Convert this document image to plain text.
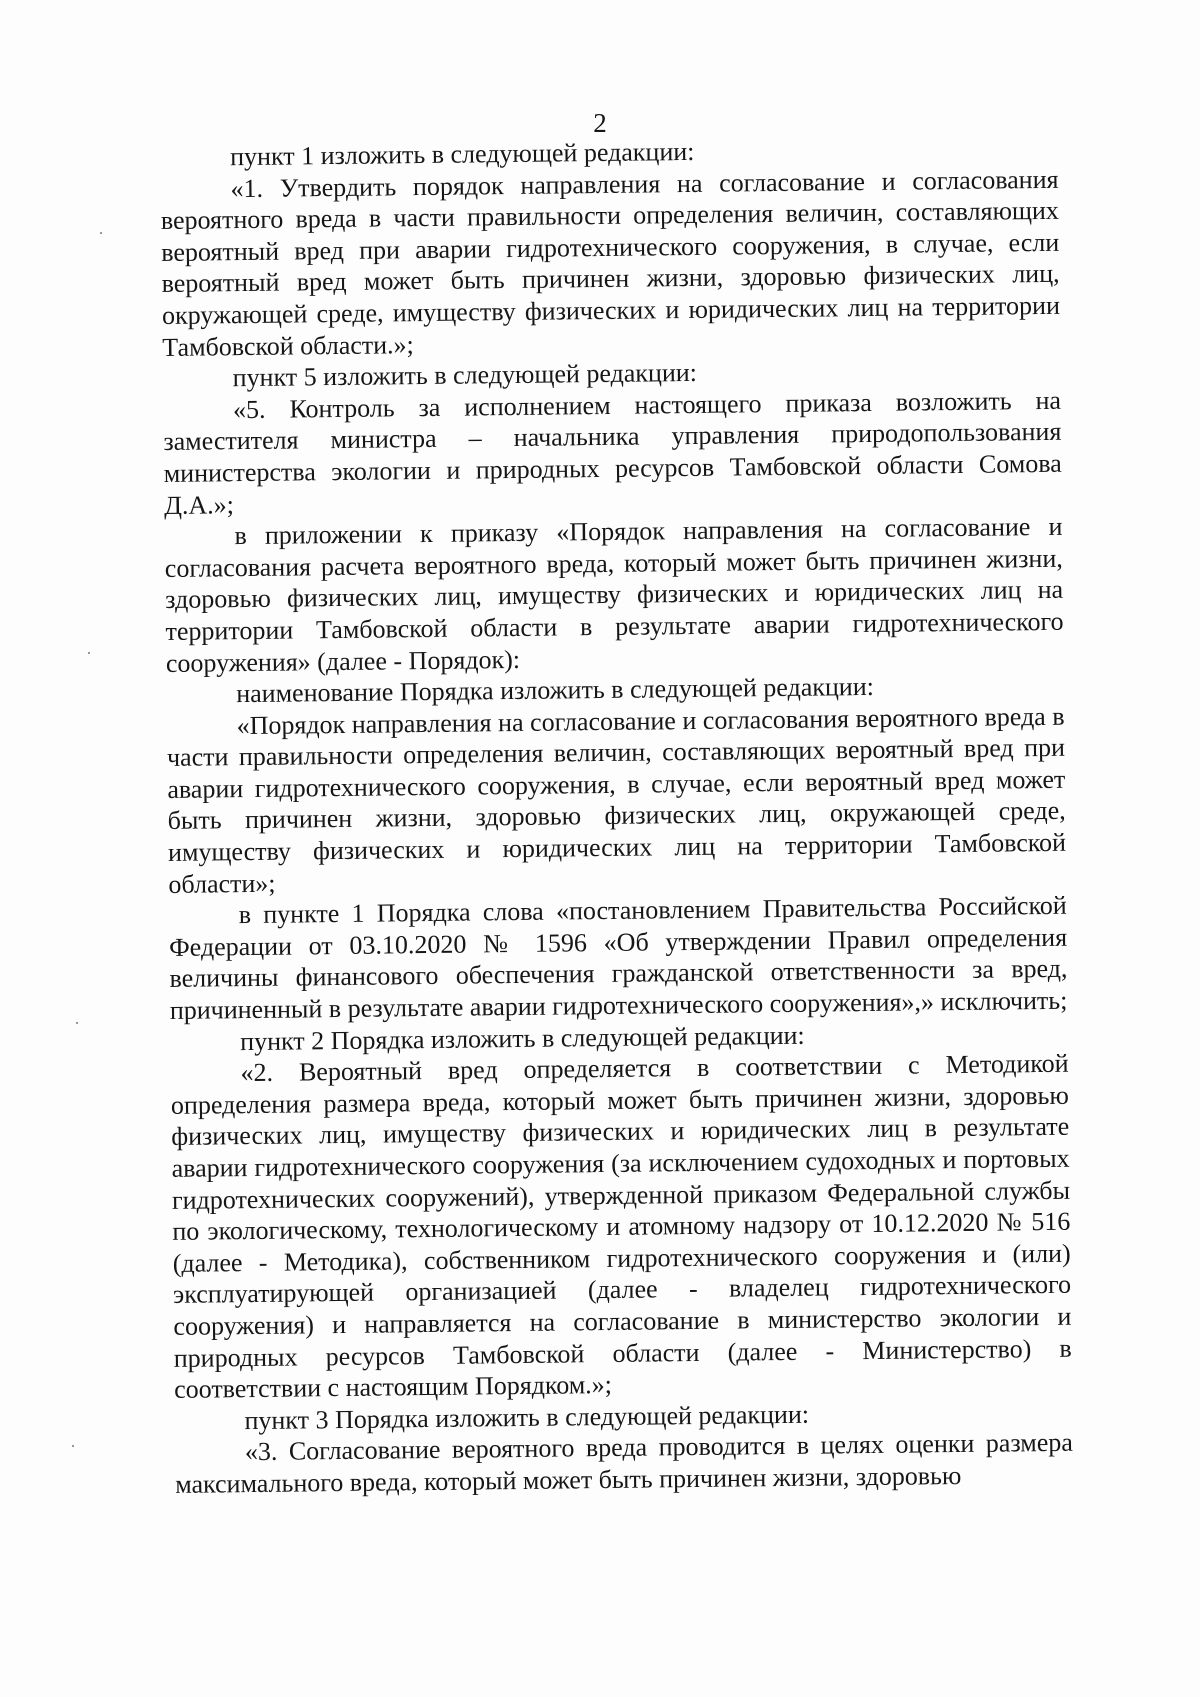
2

пункт 1 изложить в следующей редакции:

«1. Утвердить порядок направления на согласование и согласования вероятного вреда в части правильности определения величин, составляющих вероятный вред при аварии гидротехнического сооружения, в случае, если вероятный вред может быть причинен жизни, здоровью физических лиц, окружающей среде, имуществу физических и юридических лиц на территории Тамбовской области.»;

пункт 5 изложить в следующей редакции:

«5. Контроль за исполнением настоящего приказа возложить на заместителя министра – начальника управления природопользования министерства экологии и природных ресурсов Тамбовской области Сомова Д.А.»;

в приложении к приказу «Порядок направления на согласование и согласования расчета вероятного вреда, который может быть причинен жизни, здоровью физических лиц, имуществу физических и юридических лиц на территории Тамбовской области в результате аварии гидротехнического сооружения» (далее - Порядок):

наименование Порядка изложить в следующей редакции:

«Порядок направления на согласование и согласования вероятного вреда в части правильности определения величин, составляющих вероятный вред при аварии гидротехнического сооружения, в случае, если вероятный вред может быть причинен жизни, здоровью физических лиц, окружающей среде, имуществу физических и юридических лиц на территории Тамбовской области»;

в пункте 1 Порядка слова «постановлением Правительства Российской Федерации от 03.10.2020 № 1596 «Об утверждении Правил определения величины финансового обеспечения гражданской ответственности за вред, причиненный в результате аварии гидротехнического сооружения»,» исключить;

пункт 2 Порядка изложить в следующей редакции:

«2. Вероятный вред определяется в соответствии с Методикой определения размера вреда, который может быть причинен жизни, здоровью физических лиц, имуществу физических и юридических лиц в результате аварии гидротехнического сооружения (за исключением судоходных и портовых гидротехнических сооружений), утвержденной приказом Федеральной службы по экологическому, технологическому и атомному надзору от 10.12.2020 № 516 (далее - Методика), собственником гидротехнического сооружения и (или) эксплуатирующей организацией (далее - владелец гидротехнического сооружения) и направляется на согласование в министерство экологии и природных ресурсов Тамбовской области (далее - Министерство) в соответствии с настоящим Порядком.»;

пункт 3 Порядка изложить в следующей редакции:

«3. Согласование вероятного вреда проводится в целях оценки размера максимального вреда, который может быть причинен жизни, здоровью
